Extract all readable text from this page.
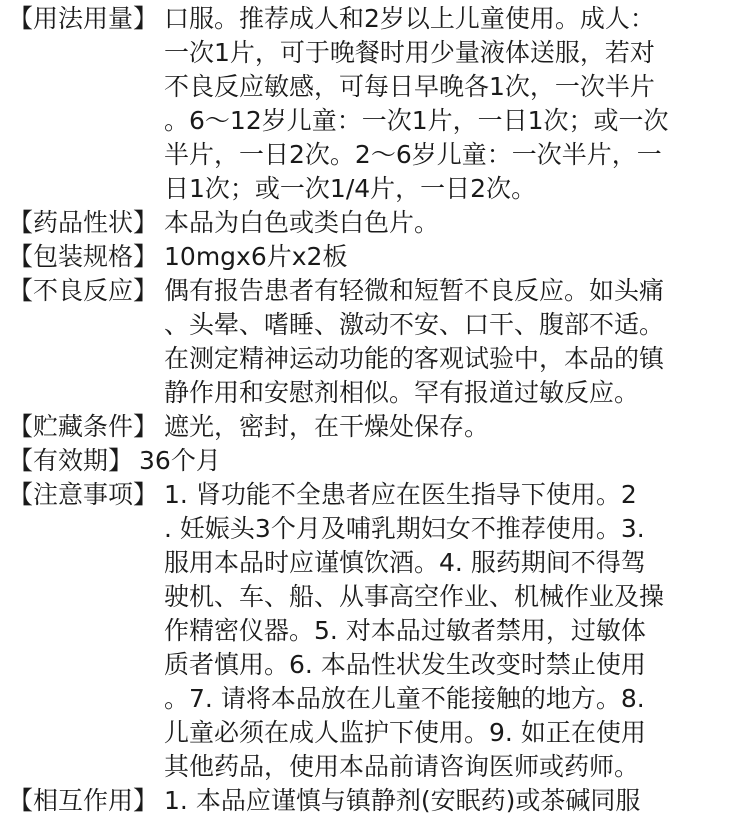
【用法用量】 口服。推荐成人和2岁以上儿童使用。成人：
一次1片，可于晚餐时用少量液体送服，若对
不良反应敏感，可每日早晚各1次，一次半片
。6～12岁儿童：一次1片，一日1次；或一次
半片，一日2次。2～6岁儿童：一次半片，一
日1次；或一次1/4片，一日2次。
【药品性状】 本品为白色或类白色片。
【包装规格】 10mgx6片x2板
【不良反应】 偶有报告患者有轻微和短暂不良反应。如头痛
、头晕、嗜睡、激动不安、口干、腹部不适。
在测定精神运动功能的客观试验中，本品的镇
静作用和安慰剂相似。罕有报道过敏反应。
【贮藏条件】 遮光，密封，在干燥处保存。
【有效期】 36个月
【注意事项】 1. 肾功能不全患者应在医生指导下使用。2
. 妊娠头3个月及哺乳期妇女不推荐使用。3.
服用本品时应谨慎饮酒。4. 服药期间不得驾
驶机、车、船、从事高空作业、机械作业及操
作精密仪器。5. 对本品过敏者禁用，过敏体
质者慎用。6. 本品性状发生改变时禁止使用
。7. 请将本品放在儿童不能接触的地方。8.
儿童必须在成人监护下使用。9. 如正在使用
其他药品，使用本品前请咨询医师或药师。
【相互作用】 1. 本品应谨慎与镇静剂(安眠药)或茶碱同服
